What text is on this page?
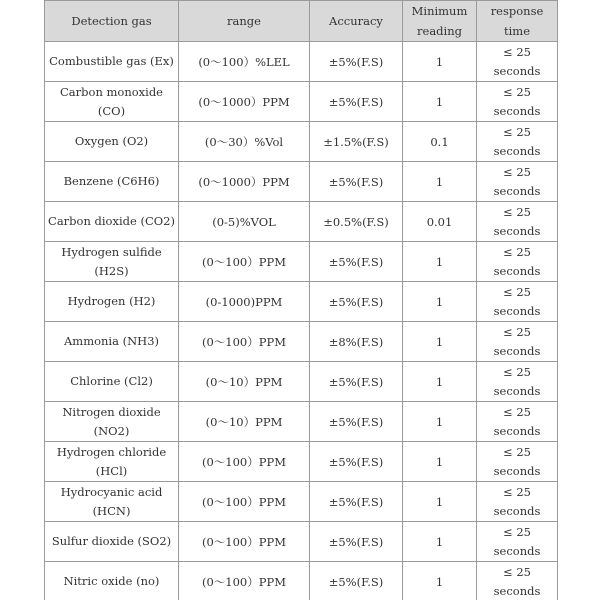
Detection gas	range	Accuracy	Minimum reading	response time
Combustible gas (Ex)	(0～100）%LEL	±5%(F.S)	1	≤ 25
seconds

Carbon monoxide (CO)	(0～1000）PPM	±5%(F.S)	1	≤ 25
seconds

Oxygen (O2)	(0～30）%Vol	±1.5%(F.S)	0.1	≤ 25
seconds

Benzene (C6H6)	(0～1000）PPM	±5%(F.S)	1	≤ 25
seconds

Carbon dioxide (CO2)	(0-5)%VOL	±0.5%(F.S)	0.01	≤ 25
seconds

Hydrogen sulfide (H2S)	(0～100）PPM	±5%(F.S)	1	≤ 25
seconds

Hydrogen (H2)	(0-1000)PPM	±5%(F.S)	1	≤ 25
seconds

Ammonia (NH3)	(0～100）PPM	±8%(F.S)	1	≤ 25
seconds

Chlorine (Cl2)	(0～10）PPM	±5%(F.S)	1	≤ 25
seconds

Nitrogen dioxide (NO2)	(0～10）PPM	±5%(F.S)	1	≤ 25
seconds

Hydrogen chloride (HCl)	(0～100）PPM	±5%(F.S)	1	≤ 25
seconds

Hydrocyanic acid (HCN)	(0～100）PPM	±5%(F.S)	1	≤ 25
seconds

Sulfur dioxide (SO2)	(0～100）PPM	±5%(F.S)	1	≤ 25
seconds

Nitric oxide (no)	(0～100）PPM	±5%(F.S)	1	≤ 25
seconds
